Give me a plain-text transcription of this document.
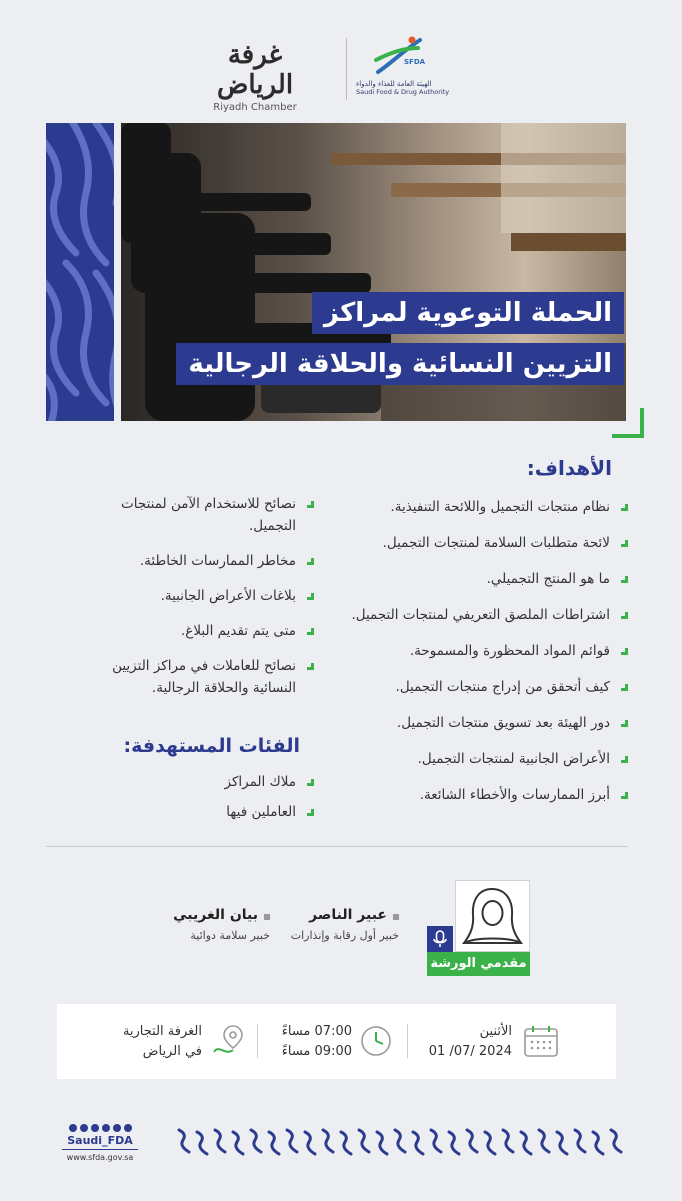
غرفة الرياض
Riyadh Chamber
SFDA
الهيئة العامة للغذاء والدواء
Saudi Food & Drug Authority
الحملة التوعوية لمراكز
التزيين النسائية والحلاقة الرجالية
الأهداف:
نظام منتجات التجميل واللائحة التنفيذية.
لائحة متطلبات السلامة لمنتجات التجميل.
ما هو المنتج التجميلي.
اشتراطات الملصق التعريفي لمنتجات التجميل.
قوائم المواد المحظورة والمسموحة.
كيف أتحقق من إدراج منتجات التجميل.
دور الهيئة بعد تسويق منتجات التجميل.
الأعراض الجانبية لمنتجات التجميل.
أبرز الممارسات والأخطاء الشائعة.
نصائح للاستخدام الآمن لمنتجات التجميل.
مخاطر الممارسات الخاطئة.
بلاغات الأعراض الجانبية.
متى يتم تقديم البلاغ.
نصائح للعاملات في مراكز التزيين النسائية والحلاقة الرجالية.
الفئات المستهدفة:
ملاك المراكز
العاملين فيها
مقدمي الورشة
عبير الناصر
خبير أول رقابة وإنذارات
بيان الغريبي
خبير سلامة دوائية
الأثنين
2024 /07/ 01
07:00 مساءً
09:00 مساءً
الغرفة التجارية
في الرياض
Saudi_FDA
www.sfda.gov.sa
